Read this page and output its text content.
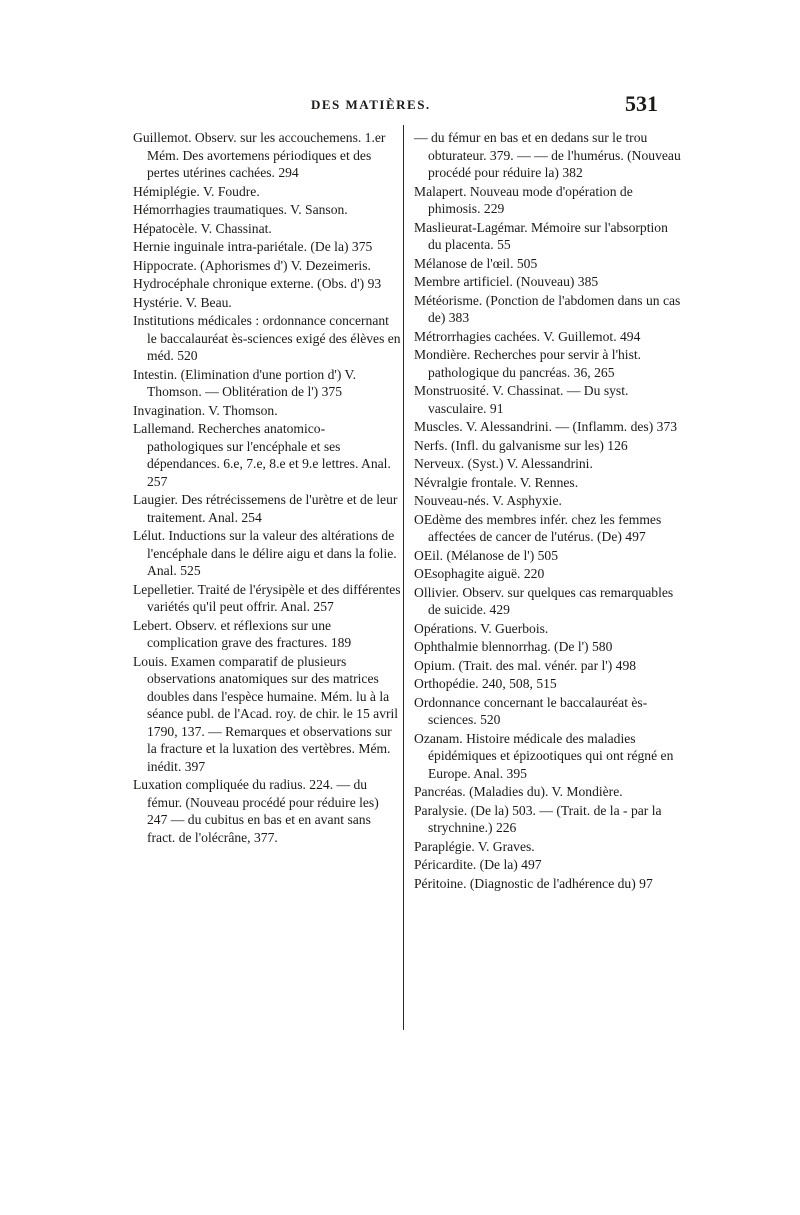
DES MATIÈRES.	531

Guillemot. Observ. sur les accouchemens. 1.er Mém. Des avortemens périodiques et des pertes utérines cachées. 294

Hémiplégie. V. Foudre.

Hémorrhagies traumatiques. V. Sanson.

Hépatocèle. V. Chassinat.

Hernie inguinale intra-pariétale. (De la) 375

Hippocrate. (Aphorismes d') V. Dezeimeris.

Hydrocéphale chronique externe. (Obs. d') 93

Hystérie. V. Beau.

Institutions médicales : ordonnance concernant le baccalauréat ès-sciences exigé des élèves en méd. 520

Intestin. (Elimination d'une portion d') V. Thomson. — Oblitération de l') 375

Invagination. V. Thomson.

Lallemand. Recherches anatomico-pathologiques sur l'encéphale et ses dépendances. 6.e, 7.e, 8.e et 9.e lettres. Anal. 257

Laugier. Des rétrécissemens de l'urètre et de leur traitement. Anal. 254

Lélut. Inductions sur la valeur des altérations de l'encéphale dans le délire aigu et dans la folie. Anal. 525

Lepelletier. Traité de l'érysipèle et des différentes variétés qu'il peut offrir. Anal. 257

Lebert. Observ. et réflexions sur une complication grave des fractures. 189

Louis. Examen comparatif de plusieurs observations anatomiques sur des matrices doubles dans l'espèce humaine. Mém. lu à la séance publ. de l'Acad. roy. de chir. le 15 avril 1790, 137. — Remarques et observations sur la fracture et la luxation des vertèbres. Mém. inédit. 397

Luxation compliquée du radius. 224. — du fémur. (Nouveau procédé pour réduire les) 247 — du cubitus en bas et en avant sans fract. de l'olécrâne, 377.

— du fémur en bas et en dedans sur le trou obturateur. 379. — — de l'humérus. (Nouveau procédé pour réduire la) 382

Malapert. Nouveau mode d'opération de phimosis. 229

Maslieurat-Lagémar. Mémoire sur l'absorption du placenta. 55

Mélanose de l'œil. 505

Membre artificiel. (Nouveau) 385

Météorisme. (Ponction de l'abdomen dans un cas de) 383

Métrorrhagies cachées. V. Guillemot. 494

Mondière. Recherches pour servir à l'hist. pathologique du pancréas. 36, 265

Monstruosité. V. Chassinat. — Du syst. vasculaire. 91

Muscles. V. Alessandrini. — (Inflamm. des) 373

Nerfs. (Infl. du galvanisme sur les) 126

Nerveux. (Syst.) V. Alessandrini.

Névralgie frontale. V. Rennes.

Nouveau-nés. V. Asphyxie.

OEdème des membres infér. chez les femmes affectées de cancer de l'utérus. (De) 497

OEil. (Mélanose de l') 505

OEsophagite aiguë. 220

Ollivier. Observ. sur quelques cas remarquables de suicide. 429

Opérations. V. Guerbois.

Ophthalmie blennorrhag. (De l') 580

Opium. (Trait. des mal. vénér. par l') 498

Orthopédie. 240, 508, 515

Ordonnance concernant le baccalauréat ès-sciences. 520

Ozanam. Histoire médicale des maladies épidémiques et épizootiques qui ont régné en Europe. Anal. 395

Pancréas. (Maladies du). V. Mondière.

Paralysie. (De la) 503. — (Trait. de la - par la strychnine.) 226

Paraplégie. V. Graves.

Péricardite. (De la) 497

Péritoine. (Diagnostic de l'adhérence du) 97
